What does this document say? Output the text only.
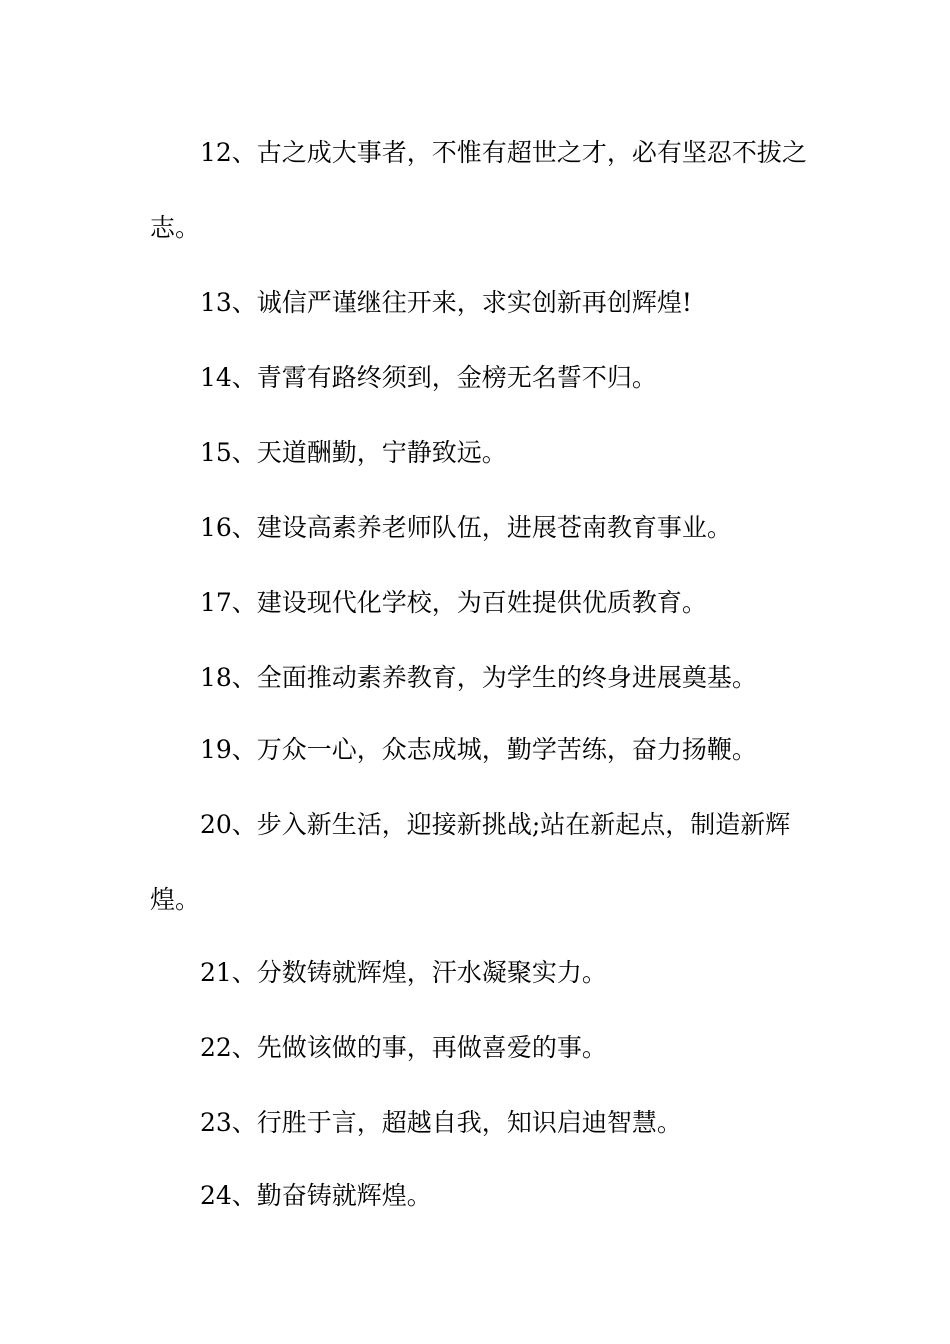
12、古之成大事者，不惟有超世之才，必有坚忍不拔之志。

13、诚信严谨继往开来，求实创新再创辉煌!

14、青霄有路终须到，金榜无名誓不归。

15、天道酬勤，宁静致远。

16、建设高素养老师队伍，进展苍南教育事业。

17、建设现代化学校，为百姓提供优质教育。

18、全面推动素养教育，为学生的终身进展奠基。

19、万众一心，众志成城，勤学苦练，奋力扬鞭。

20、步入新生活，迎接新挑战;站在新起点，制造新辉煌。

21、分数铸就辉煌，汗水凝聚实力。

22、先做该做的事，再做喜爱的事。

23、行胜于言，超越自我，知识启迪智慧。

24、勤奋铸就辉煌。
